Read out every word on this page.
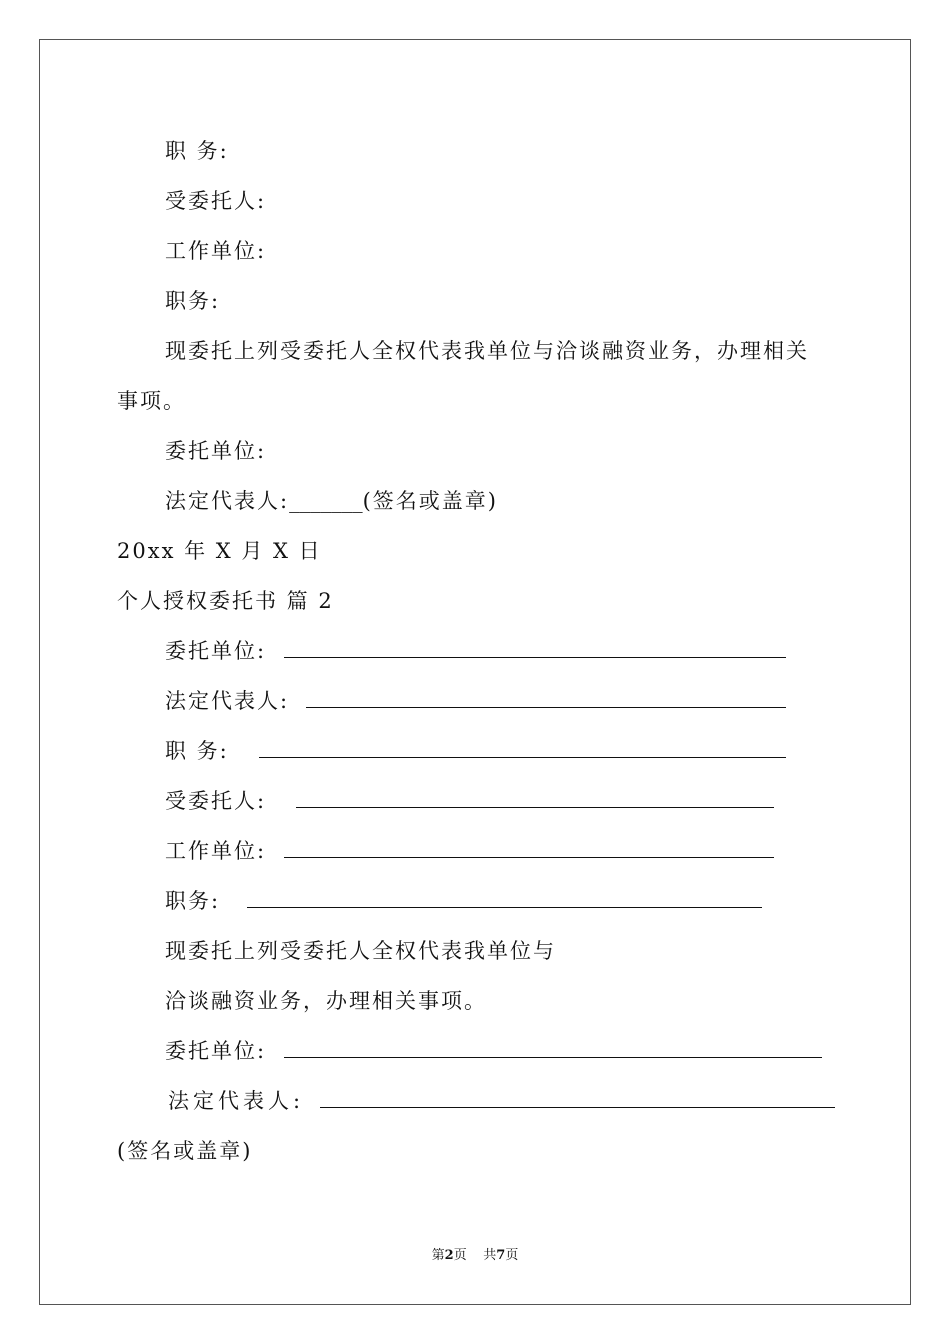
职 务:
受委托人:
工作单位:
职务:
现委托上列受委托人全权代表我单位与洽谈融资业务，办理相关
事项。
委托单位:
法定代表人:_______(签名或盖章)
20xx 年 X 月 X 日
个人授权委托书 篇 2
委托单位:
法定代表人:
职 务:
受委托人:
工作单位:
职务:
现委托上列受委托人全权代表我单位与
洽谈融资业务，办理相关事项。
委托单位:
法定代表人:
(签名或盖章)
第2页 共7页
